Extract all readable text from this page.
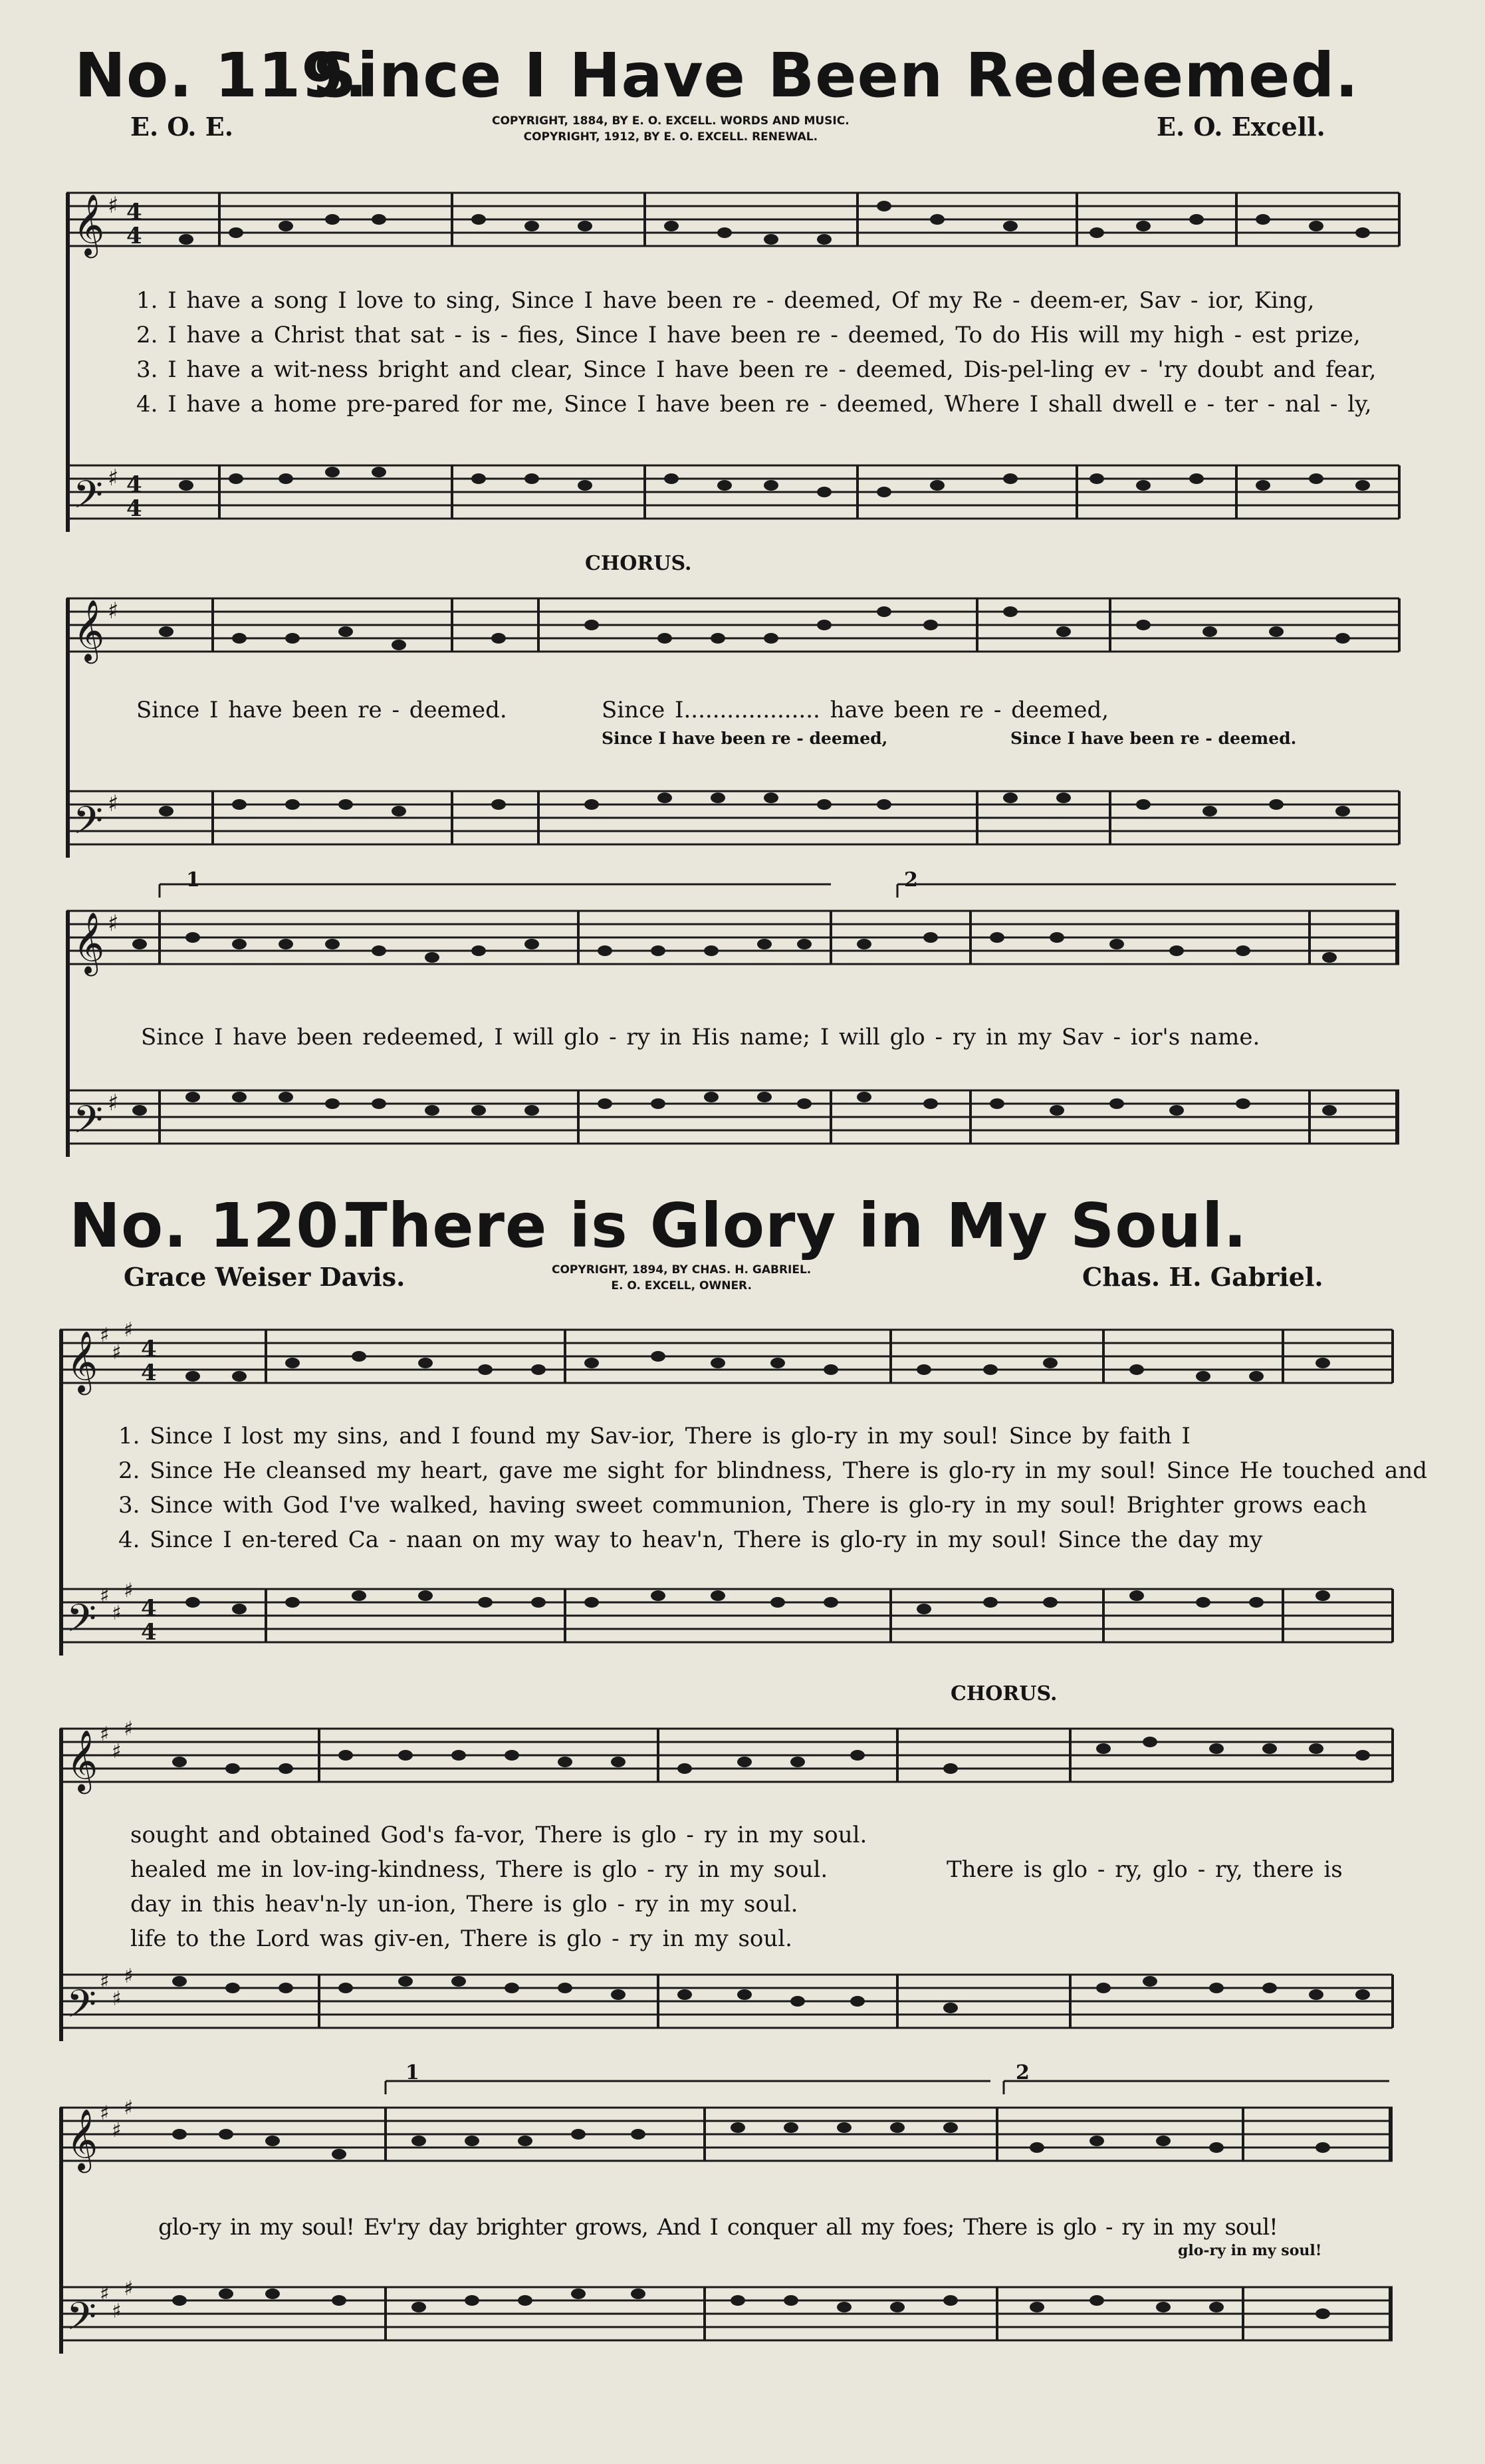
No. 119.
Since I Have Been Redeemed.
E. O. E.	COPYRIGHT, 1884, BY E. O. EXCELL. WORDS AND MUSIC.
COPYRIGHT, 1912, BY E. O. EXCELL. RENEWAL.	E. O. Excell.
𝄞
𝄢
♯
♯
4
4
4
4
1. I have a song I love to sing, Since I have been re - deemed, Of my Re - deem-er, Sav - ior, King,
2. I have a Christ that sat - is - fies, Since I have been re - deemed, To do His will my high - est prize,
3. I have a wit-ness bright and clear, Since I have been re - deemed, Dis-pel-ling ev - 'ry doubt and fear,
4. I have a home pre-pared for me, Since I have been re - deemed, Where I shall dwell e - ter - nal - ly,
CHORUS.
𝄞
𝄢
♯
♯
Since I have been re - deemed.	Since I................... have been re - deemed,
Since I have been re - deemed,	Since I have been re - deemed.
1	2
𝄞
𝄢
♯
♯
Since I have been redeemed, I will glo - ry in His name; I will glo - ry in my Sav - ior's name.
No. 120.
There is Glory in My Soul.
Grace Weiser Davis.	COPYRIGHT, 1894, BY CHAS. H. GABRIEL.
E. O. EXCELL, OWNER.	Chas. H. Gabriel.
𝄞
𝄢
♯
♯
♯
♯
♯
♯
4
4
4
4
1. Since I lost my sins, and I found my Sav-ior, There is glo-ry in my soul! Since by faith I
2. Since He cleansed my heart, gave me sight for blindness, There is glo-ry in my soul! Since He touched and
3. Since with God I've walked, having sweet communion, There is glo-ry in my soul! Brighter grows each
4. Since I en-tered Ca - naan on my way to heav'n, There is glo-ry in my soul! Since the day my
CHORUS.
𝄞
𝄢
♯
♯
♯
♯
♯
♯
sought and obtained God's fa-vor, There is glo - ry in my soul.
healed me in lov-ing-kindness, There is glo - ry in my soul.
day in this heav'n-ly un-ion, There is glo - ry in my soul.
life to the Lord was giv-en, There is glo - ry in my soul.
There is glo - ry, glo - ry, there is
1	2
𝄞
𝄢
♯
♯
♯
♯
♯
♯
glo-ry in my soul! Ev'ry day brighter grows, And I conquer all my foes; There is glo - ry in my soul!
glo-ry in my soul!
